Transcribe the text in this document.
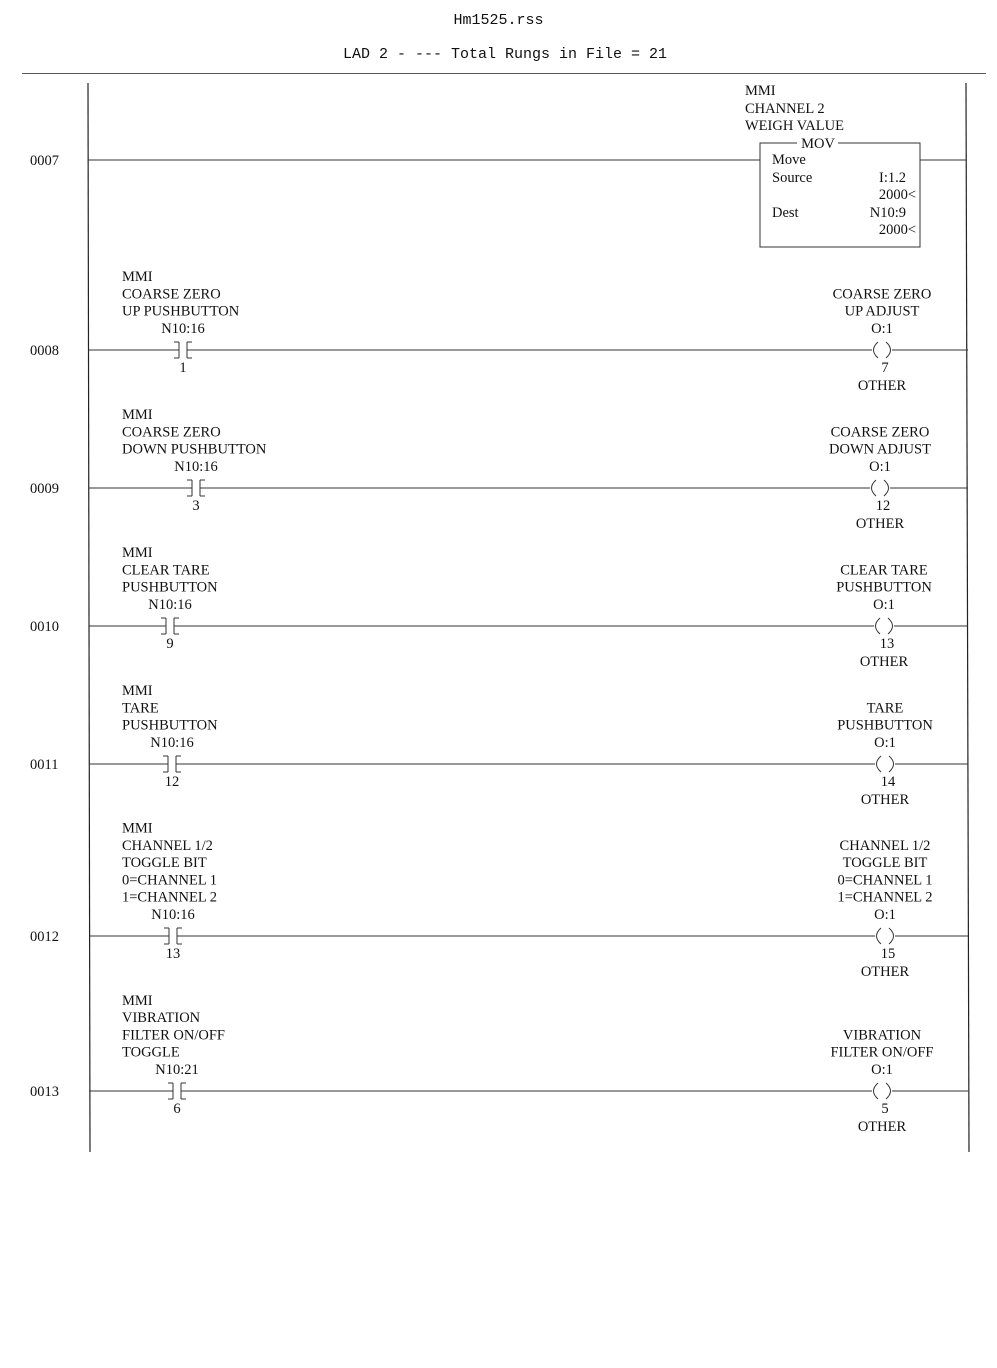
Hm1525.rss
LAD 2 - --- Total Rungs in File = 21
0007
MMI
CHANNEL 2
WEIGH VALUE
MOV
Move
Source	I:1.2
2000<
Dest	N10:9
2000<
0008
MMI
COARSE ZERO
UP PUSHBUTTON
N10:16
1
COARSE ZERO
UP ADJUST
O:1
7
OTHER
0009
MMI
COARSE ZERO
DOWN PUSHBUTTON
N10:16
3
COARSE ZERO
DOWN ADJUST
O:1
12
OTHER
0010
MMI
CLEAR TARE
PUSHBUTTON
N10:16
9
CLEAR TARE
PUSHBUTTON
O:1
13
OTHER
0011
MMI
TARE
PUSHBUTTON
N10:16
12
TARE
PUSHBUTTON
O:1
14
OTHER
0012
MMI
CHANNEL 1/2
TOGGLE BIT
0=CHANNEL 1
1=CHANNEL 2
N10:16
13
CHANNEL 1/2
TOGGLE BIT
0=CHANNEL 1
1=CHANNEL 2
O:1
15
OTHER
0013
MMI
VIBRATION
FILTER ON/OFF
TOGGLE
N10:21
6
VIBRATION
FILTER ON/OFF
O:1
5
OTHER
